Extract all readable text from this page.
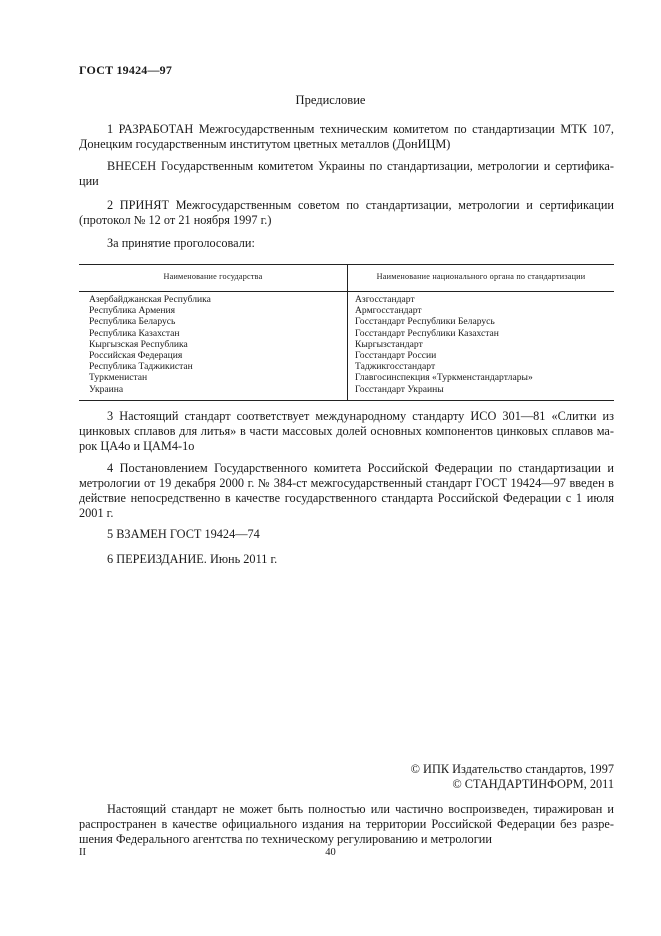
ГОСТ 19424—97
Предисловие

1 РАЗРАБОТАН Межгосударственным техническим комитетом по стандартизации МТК 107, Донецким государственным институтом цветных металлов (ДонИЦМ)

ВНЕСЕН Государственным комитетом Украины по стандартизации, метрологии и сертификации

2 ПРИНЯТ Межгосударственным советом по стандартизации, метрологии и сертификации (протокол № 12 от 21 ноября 1997 г.)

За принятие проголосовали:
Наименование государства	Наименование национального органа по стандартизации
Азербайджанская Республика
Республика Армения
Республика Беларусь
Республика Казахстан
Кыргызская Республика
Российская Федерация
Республика Таджикистан
Туркменистан
Украина
Азгосстандарт
Армгосстандарт
Госстандарт Республики Беларусь
Госстандарт Республики Казахстан
Кыргызстандарт
Госстандарт России
Таджикгосстандарт
Главгосинспекция «Туркменстандартлары»
Госстандарт Украины

3 Настоящий стандарт соответствует международному стандарту ИСО 301—81 «Слитки из цинковых сплавов для литья» в части массовых долей основных компонентов цинковых сплавов марок ЦА4о и ЦАМ4-1о

4 Постановлением Государственного комитета Российской Федерации по стандартизации и метрологии от 19 декабря 2000 г. № 384-ст межгосударственный стандарт ГОСТ 19424—97 введен в действие непосредственно в качестве государственного стандарта Российской Федерации с 1 июля 2001 г.

5 ВЗАМЕН ГОСТ 19424—74

6 ПЕРЕИЗДАНИЕ. Июнь 2011 г.

© ИПК Издательство стандартов, 1997
© СТАНДАРТИНФОРМ, 2011

Настоящий стандарт не может быть полностью или частично воспроизведен, тиражирован и распространен в качестве официального издания на территории Российской Федерации без разрешения Федерального агентства по техническому регулированию и метрологии

II	40
